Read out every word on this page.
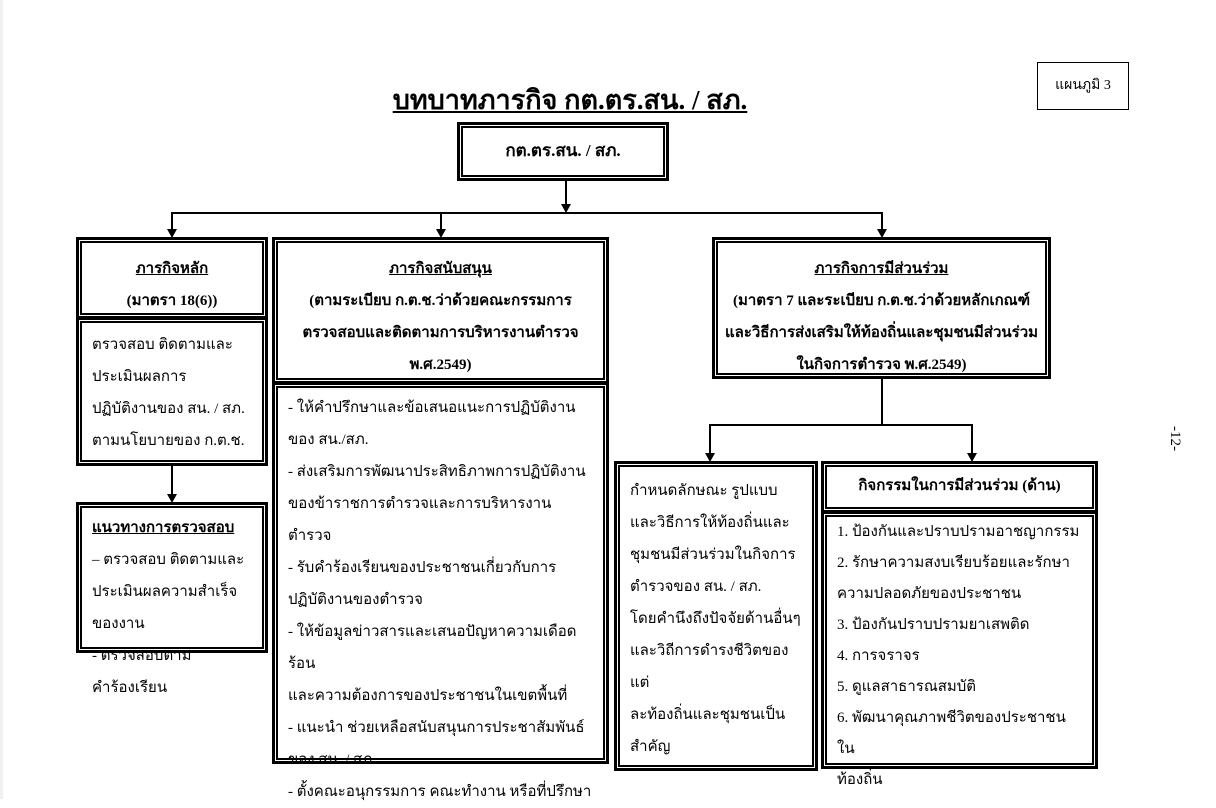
บทบาทภารกิจ กต.ตร.สน. / สภ.	แผนภูมิ 3
-12-
กต.ตร.สน. / สภ.
ภารกิจหลัก
(มาตรา 18(6))
ตรวจสอบ ติดตามและ
ประเมินผลการ
ปฏิบัติงานของ สน. / สภ.
ตามนโยบายของ ก.ต.ช.
แนวทางการตรวจสอบ
– ตรวจสอบ ติดตามและ
ประเมินผลความสำเร็จ
ของงาน
- ตรวจสอบตาม
คำร้องเรียน
ภารกิจสนับสนุน
(ตามระเบียบ ก.ต.ช.ว่าด้วยคณะกรรมการ
ตรวจสอบและติดตามการบริหารงานตำรวจ
พ.ศ.2549)
- ให้คำปรึกษาและข้อเสนอแนะการปฏิบัติงาน
ของ สน./สภ.
- ส่งเสริมการพัฒนาประสิทธิภาพการปฏิบัติงาน
ของข้าราชการตำรวจและการบริหารงานตำรวจ
- รับคำร้องเรียนของประชาชนเกี่ยวกับการ
ปฏิบัติงานของตำรวจ
- ให้ข้อมูลข่าวสารและเสนอปัญหาความเดือดร้อน
และความต้องการของประชาชนในเขตพื้นที่
- แนะนำ ช่วยเหลือสนับสนุนการประชาสัมพันธ์
ของ สน. / สภ.
- ตั้งคณะอนุกรรมการ คณะทำงาน หรือที่ปรึกษา
ภารกิจการมีส่วนร่วม
(มาตรา 7 และระเบียบ ก.ต.ช.ว่าด้วยหลักเกณฑ์
และวิธีการส่งเสริมให้ท้องถิ่นและชุมชนมีส่วนร่วม
ในกิจการตำรวจ พ.ศ.2549)
กำหนดลักษณะ รูปแบบ
และวิธีการให้ท้องถิ่นและ
ชุมชนมีส่วนร่วมในกิจการ
ตำรวจของ สน. / สภ.
โดยคำนึงถึงปัจจัยด้านอื่นๆ
และวิถีการดำรงชีวิตของแต่
ละท้องถิ่นและชุมชนเป็น
สำคัญ
กิจกรรมในการมีส่วนร่วม (ด้าน)
1. ป้องกันและปราบปรามอาชญากรรม
2. รักษาความสงบเรียบร้อยและรักษา
ความปลอดภัยของประชาชน
3. ป้องกันปราบปรามยาเสพติด
4. การจราจร
5. ดูแลสาธารณสมบัติ
6. พัฒนาคุณภาพชีวิตของประชาชนใน
ท้องถิ่น
